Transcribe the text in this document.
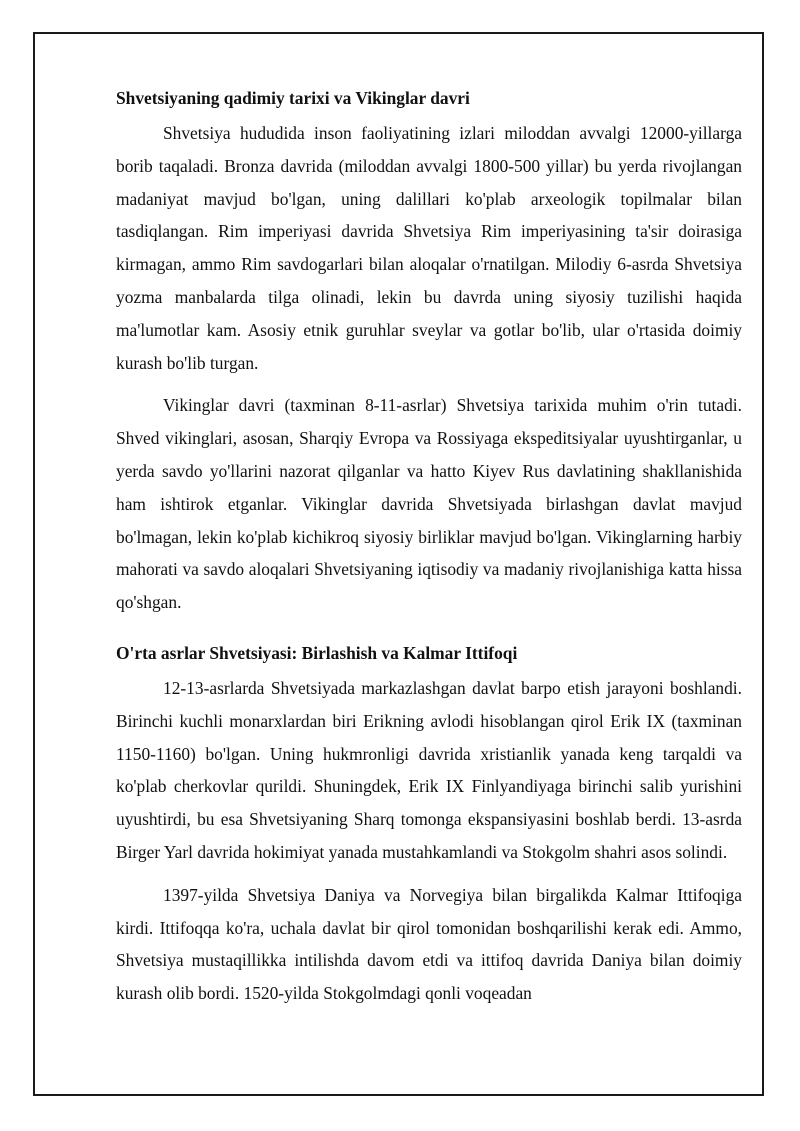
Shvetsiyaning qadimiy tarixi va Vikinglar davri

Shvetsiya hududida inson faoliyatining izlari miloddan avvalgi 12000-yillarga borib taqaladi. Bronza davrida (miloddan avvalgi 1800-500 yillar) bu yerda rivojlangan madaniyat mavjud bo'lgan, uning dalillari ko'plab arxeologik topilmalar bilan tasdiqlangan. Rim imperiyasi davrida Shvetsiya Rim imperiyasining ta'sir doirasiga kirmagan, ammo Rim savdogarlari bilan aloqalar o'rnatilgan. Milodiy 6-asrda Shvetsiya yozma manbalarda tilga olinadi, lekin bu davrda uning siyosiy tuzilishi haqida ma'lumotlar kam. Asosiy etnik guruhlar sveylar va gotlar bo'lib, ular o'rtasida doimiy kurash bo'lib turgan.

Vikinglar davri (taxminan 8-11-asrlar) Shvetsiya tarixida muhim o'rin tutadi. Shved vikinglari, asosan, Sharqiy Evropa va Rossiyaga ekspeditsiyalar uyushtirganlar, u yerda savdo yo'llarini nazorat qilganlar va hatto Kiyev Rus davlatining shakllanishida ham ishtirok etganlar. Vikinglar davrida Shvetsiyada birlashgan davlat mavjud bo'lmagan, lekin ko'plab kichikroq siyosiy birliklar mavjud bo'lgan. Vikinglarning harbiy mahorati va savdo aloqalari Shvetsiyaning iqtisodiy va madaniy rivojlanishiga katta hissa qo'shgan.

O'rta asrlar Shvetsiyasi: Birlashish va Kalmar Ittifoqi

12-13-asrlarda Shvetsiyada markazlashgan davlat barpo etish jarayoni boshlandi. Birinchi kuchli monarxlardan biri Erikning avlodi hisoblangan qirol Erik IX (taxminan 1150-1160) bo'lgan. Uning hukmronligi davrida xristianlik yanada keng tarqaldi va ko'plab cherkovlar qurildi. Shuningdek, Erik IX Finlyandiyaga birinchi salib yurishini uyushtirdi, bu esa Shvetsiyaning Sharq tomonga ekspansiyasini boshlab berdi. 13-asrda Birger Yarl davrida hokimiyat yanada mustahkamlandi va Stokgolm shahri asos solindi.

1397-yilda Shvetsiya Daniya va Norvegiya bilan birgalikda Kalmar Ittifoqiga kirdi. Ittifoqqa ko'ra, uchala davlat bir qirol tomonidan boshqarilishi kerak edi. Ammo, Shvetsiya mustaqillikka intilishda davom etdi va ittifoq davrida Daniya bilan doimiy kurash olib bordi. 1520-yilda Stokgolmdagi qonli voqeadan
